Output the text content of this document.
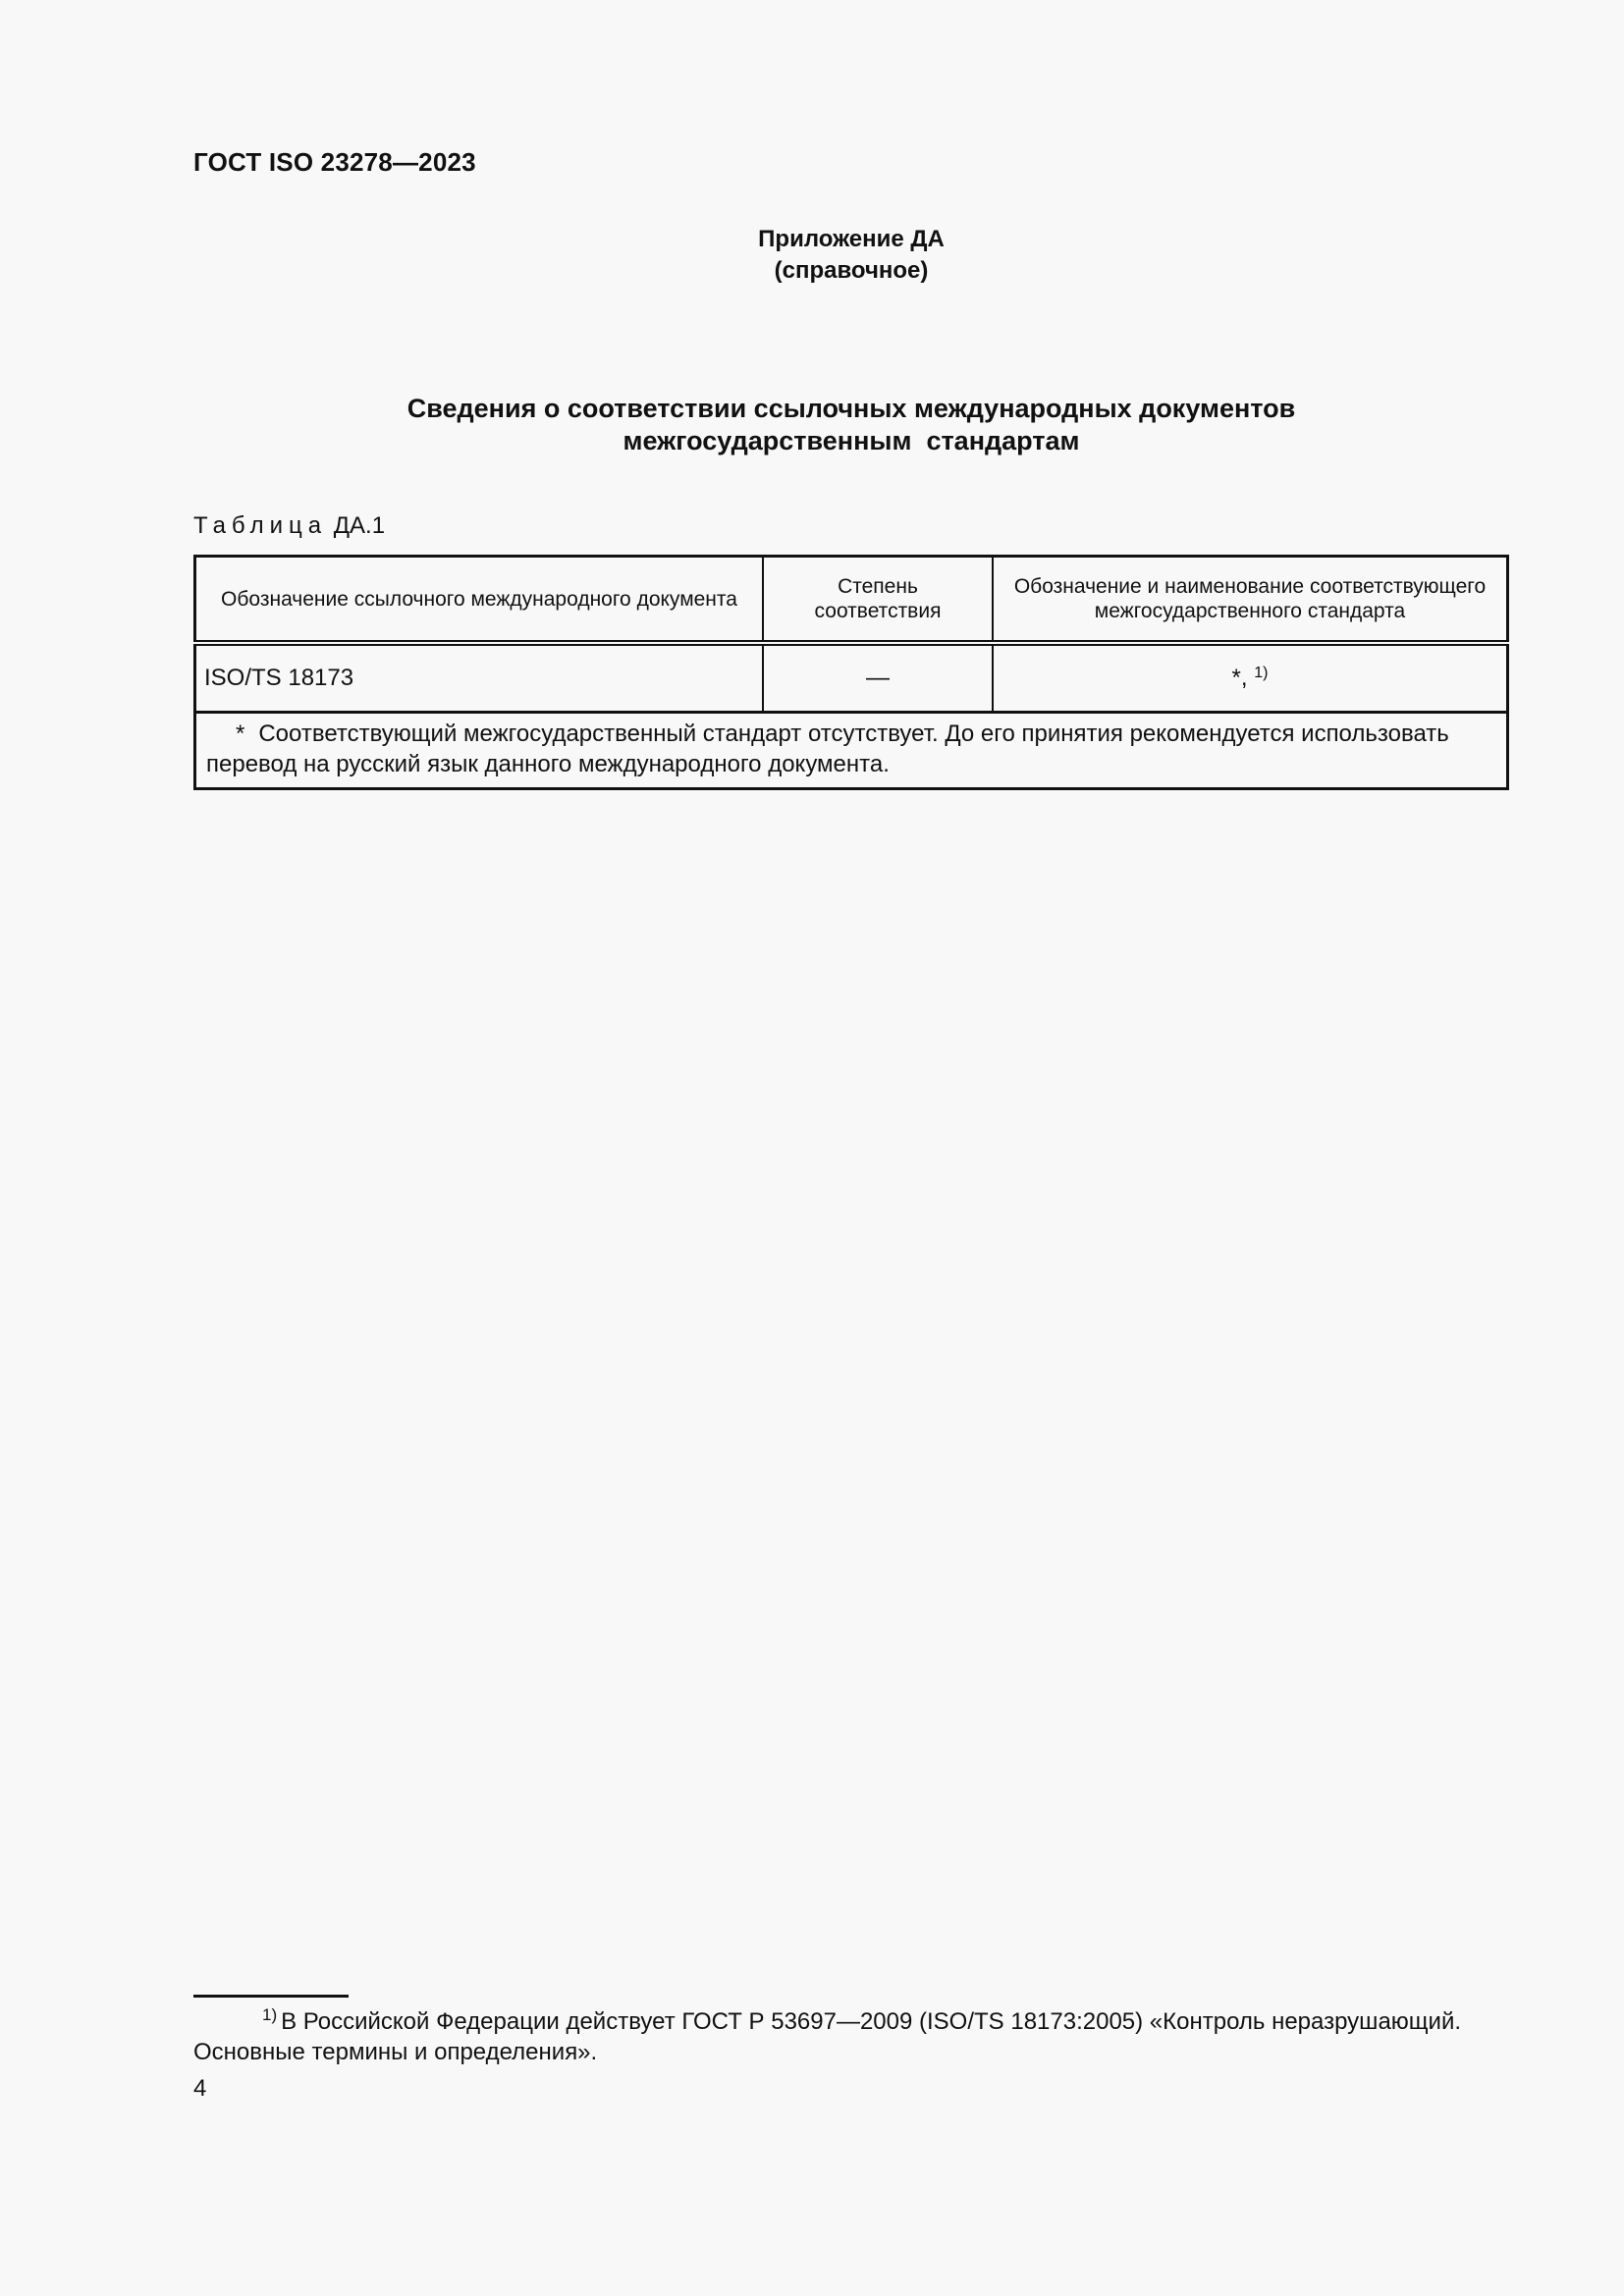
ГОСТ ISO 23278—2023
Приложение ДА
(справочное)
Сведения о соответствии ссылочных международных документов
межгосударственным  стандартам
Таблица ДА.1
Обозначение ссылочного международного документа	Степень соответствия	Обозначение и наименование соответствующего межгосударственного стандарта
ISO/TS 18173	—	*, $^{1)}$
* Соответствующий межгосударственный стандарт отсутствует. До его принятия рекомендуется использовать перевод на русский язык данного международного документа.		
$^{1)}$ В Российской Федерации действует ГОСТ Р 53697—2009 (ISO/TS 18173:2005) «Контроль неразрушающий. Основные термины и определения».
4
